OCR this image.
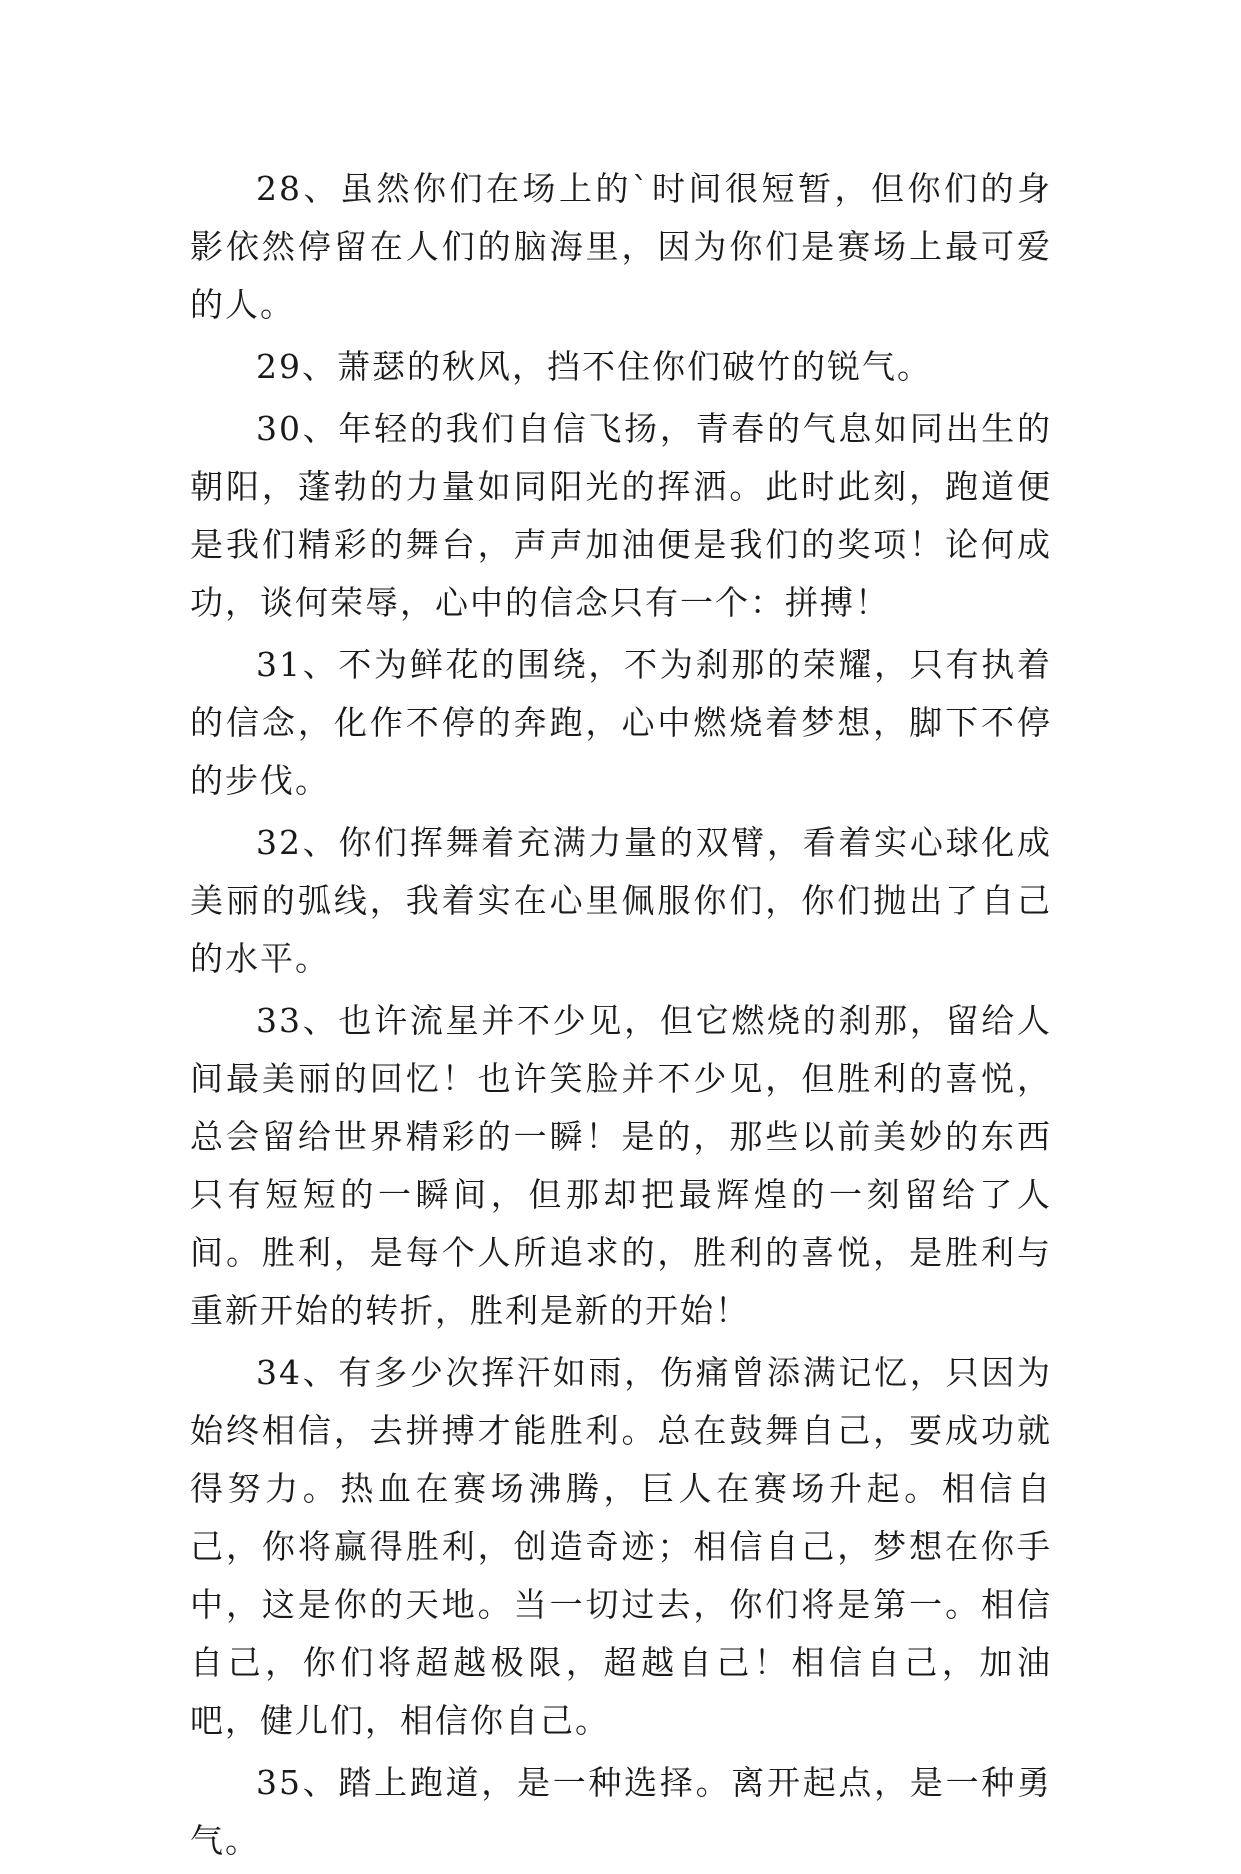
28、虽然你们在场上的`时间很短暂，但你们的身影依然停留在人们的脑海里，因为你们是赛场上最可爱的人。

29、萧瑟的秋风，挡不住你们破竹的锐气。

30、年轻的我们自信飞扬，青春的气息如同出生的朝阳，蓬勃的力量如同阳光的挥洒。此时此刻，跑道便是我们精彩的舞台，声声加油便是我们的奖项！论何成功，谈何荣辱，心中的信念只有一个：拼搏！

31、不为鲜花的围绕，不为刹那的荣耀，只有执着的信念，化作不停的奔跑，心中燃烧着梦想，脚下不停的步伐。

32、你们挥舞着充满力量的双臂，看着实心球化成美丽的弧线，我着实在心里佩服你们，你们抛出了自己的水平。

33、也许流星并不少见，但它燃烧的刹那，留给人间最美丽的回忆！也许笑脸并不少见，但胜利的喜悦，总会留给世界精彩的一瞬！是的，那些以前美妙的东西只有短短的一瞬间，但那却把最辉煌的一刻留给了人间。胜利，是每个人所追求的，胜利的喜悦，是胜利与重新开始的转折，胜利是新的开始！

34、有多少次挥汗如雨，伤痛曾添满记忆，只因为始终相信，去拼搏才能胜利。总在鼓舞自己，要成功就得努力。热血在赛场沸腾，巨人在赛场升起。相信自己，你将赢得胜利，创造奇迹；相信自己，梦想在你手中，这是你的天地。当一切过去，你们将是第一。相信自己，你们将超越极限，超越自己！相信自己，加油吧，健儿们，相信你自己。

35、踏上跑道，是一种选择。离开起点，是一种勇气。
